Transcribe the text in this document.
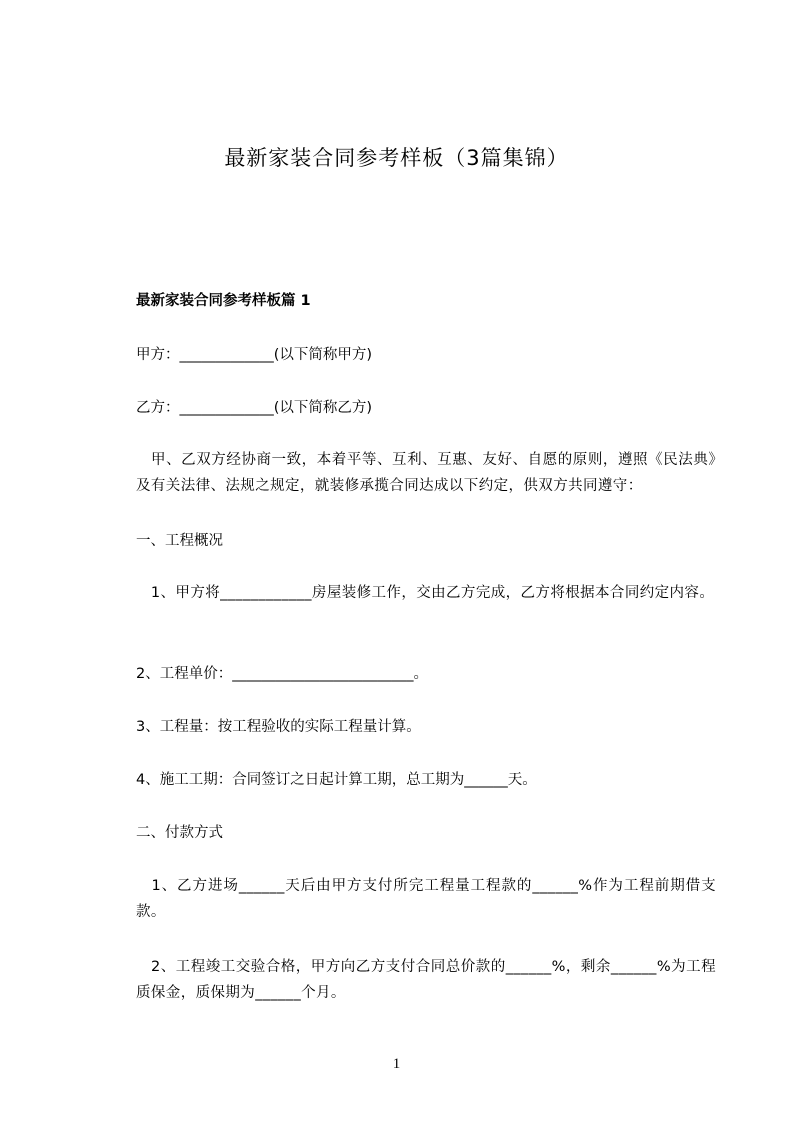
最新家装合同参考样板（3篇集锦）
最新家装合同参考样板篇 1
甲方：_____________(以下简称甲方)
乙方：_____________(以下简称乙方)
　甲、乙双方经协商一致，本着平等、互利、互惠、友好、自愿的原则，遵照《民法典》及有关法律、法规之规定，就装修承揽合同达成以下约定，供双方共同遵守：
一、工程概况
　1、甲方将____________房屋装修工作，交由乙方完成，乙方将根据本合同约定内容。
2、工程单价：_________________________。
3、工程量：按工程验收的实际工程量计算。
4、施工工期：合同签订之日起计算工期，总工期为______天。
二、付款方式
　1、乙方进场______天后由甲方支付所完工程量工程款的______%作为工程前期借支款。
　2、工程竣工交验合格，甲方向乙方支付合同总价款的______%，剩余______%为工程质保金，质保期为______个月。
1
